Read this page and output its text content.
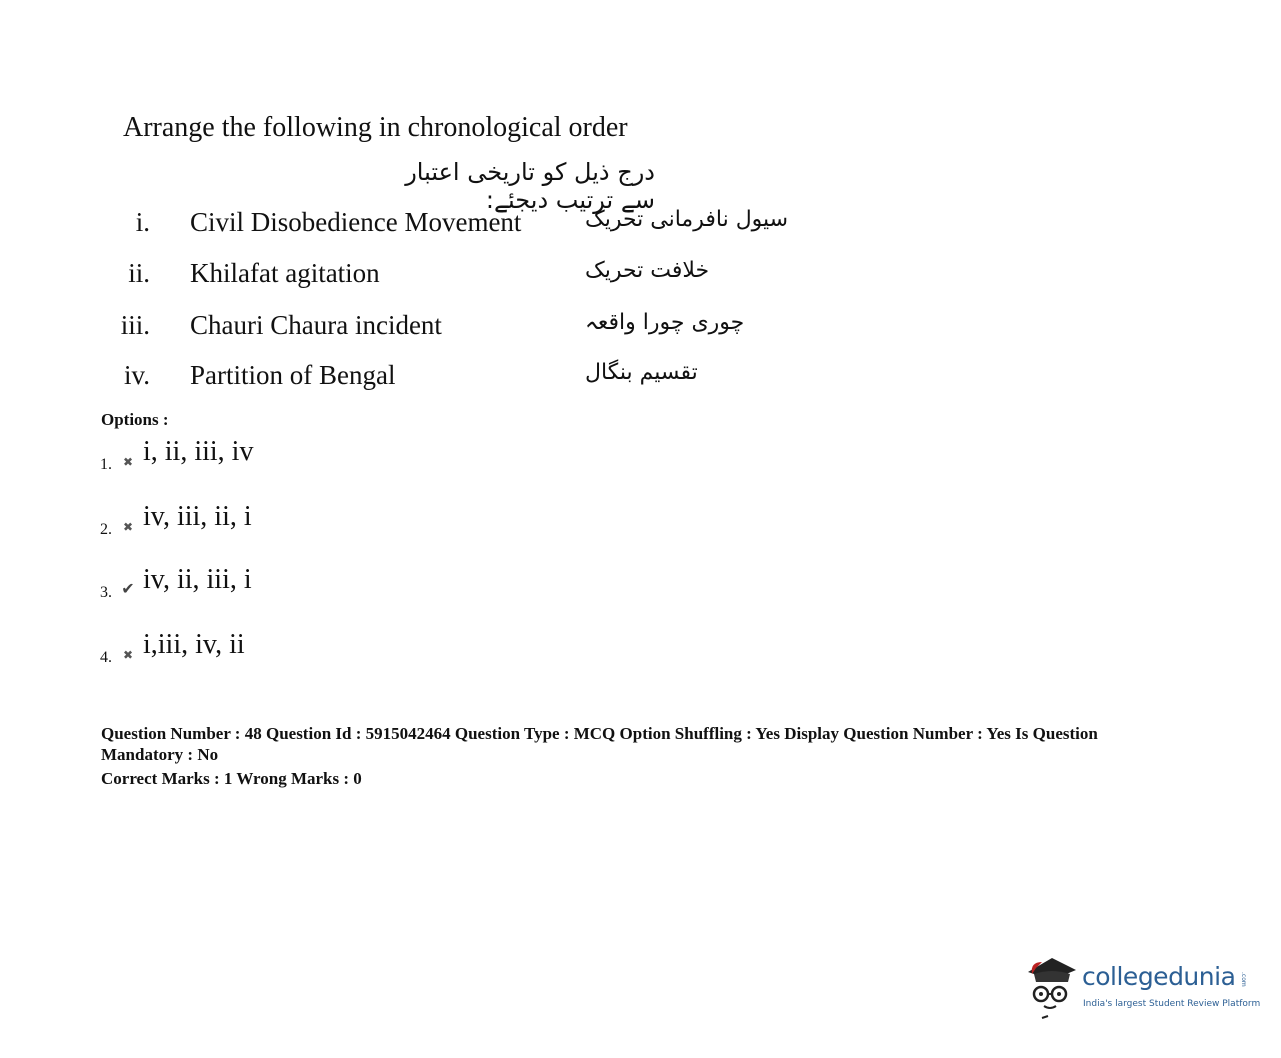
Arrange the following in chronological order
درج ذیل کو تاریخی اعتبار سے ترتیب دیجئے:
i. Civil Disobedience Movement	سیول نافرمانی تحریک
ii. Khilafat agitation	خلافت تحریک
iii. Chauri Chaura incident	چوری چورا واقعہ
iv. Partition of Bengal	تقسیم بنگال
Options :
1. ✖ i, ii, iii, iv
2. ✖ iv, iii, ii, i
3. ✔ iv, ii, iii, i
4. ✖ i,iii, iv, ii
Question Number : 48 Question Id : 5915042464 Question Type : MCQ Option Shuffling : Yes Display Question Number : Yes Is Question Mandatory : No
Correct Marks : 1 Wrong Marks : 0
collegedunia .com
India's largest Student Review Platform
